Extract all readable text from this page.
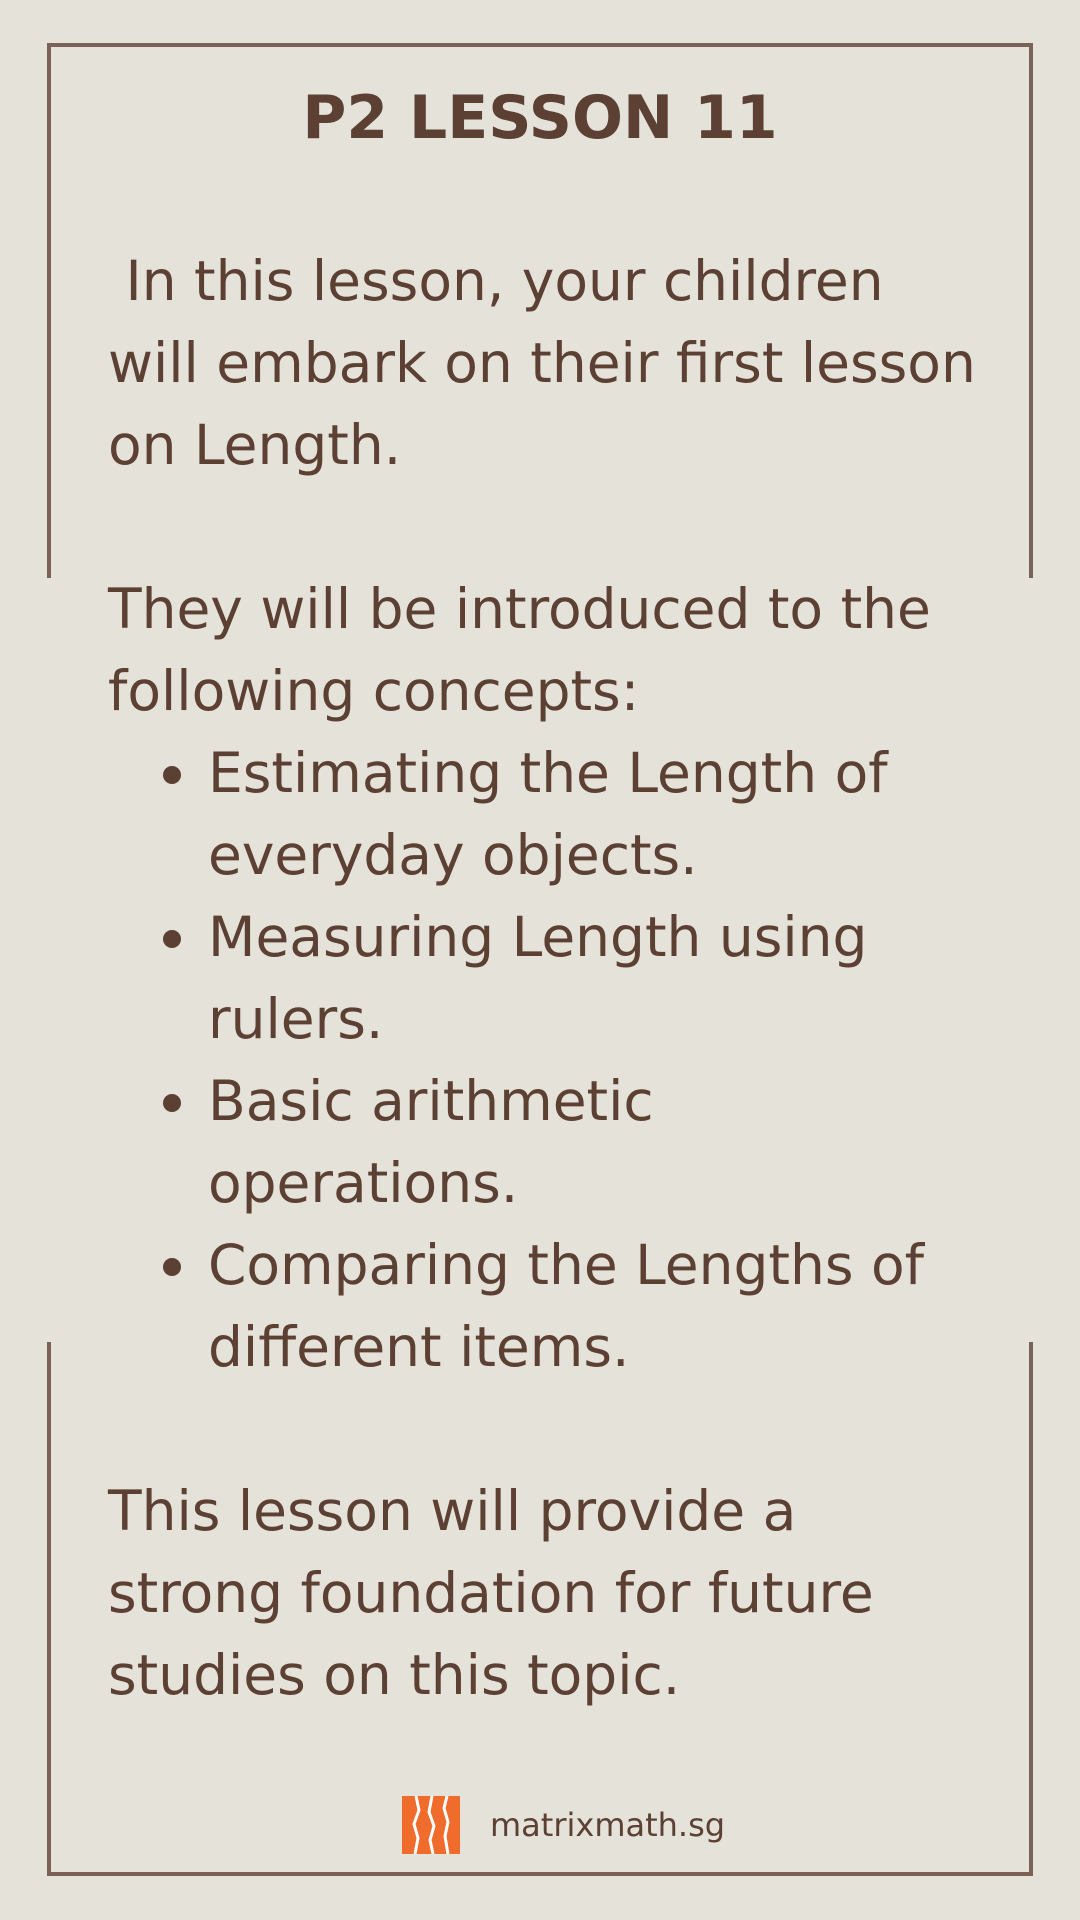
P2 LESSON 11

In this lesson, your children will embark on their first lesson on Length.

They will be introduced to the following concepts:

Estimating the Length of everyday objects.
Measuring Length using rulers.
Basic arithmetic operations.
Comparing the Lengths of different items.

This lesson will provide a strong foundation for future studies on this topic.

matrixmath.sg
